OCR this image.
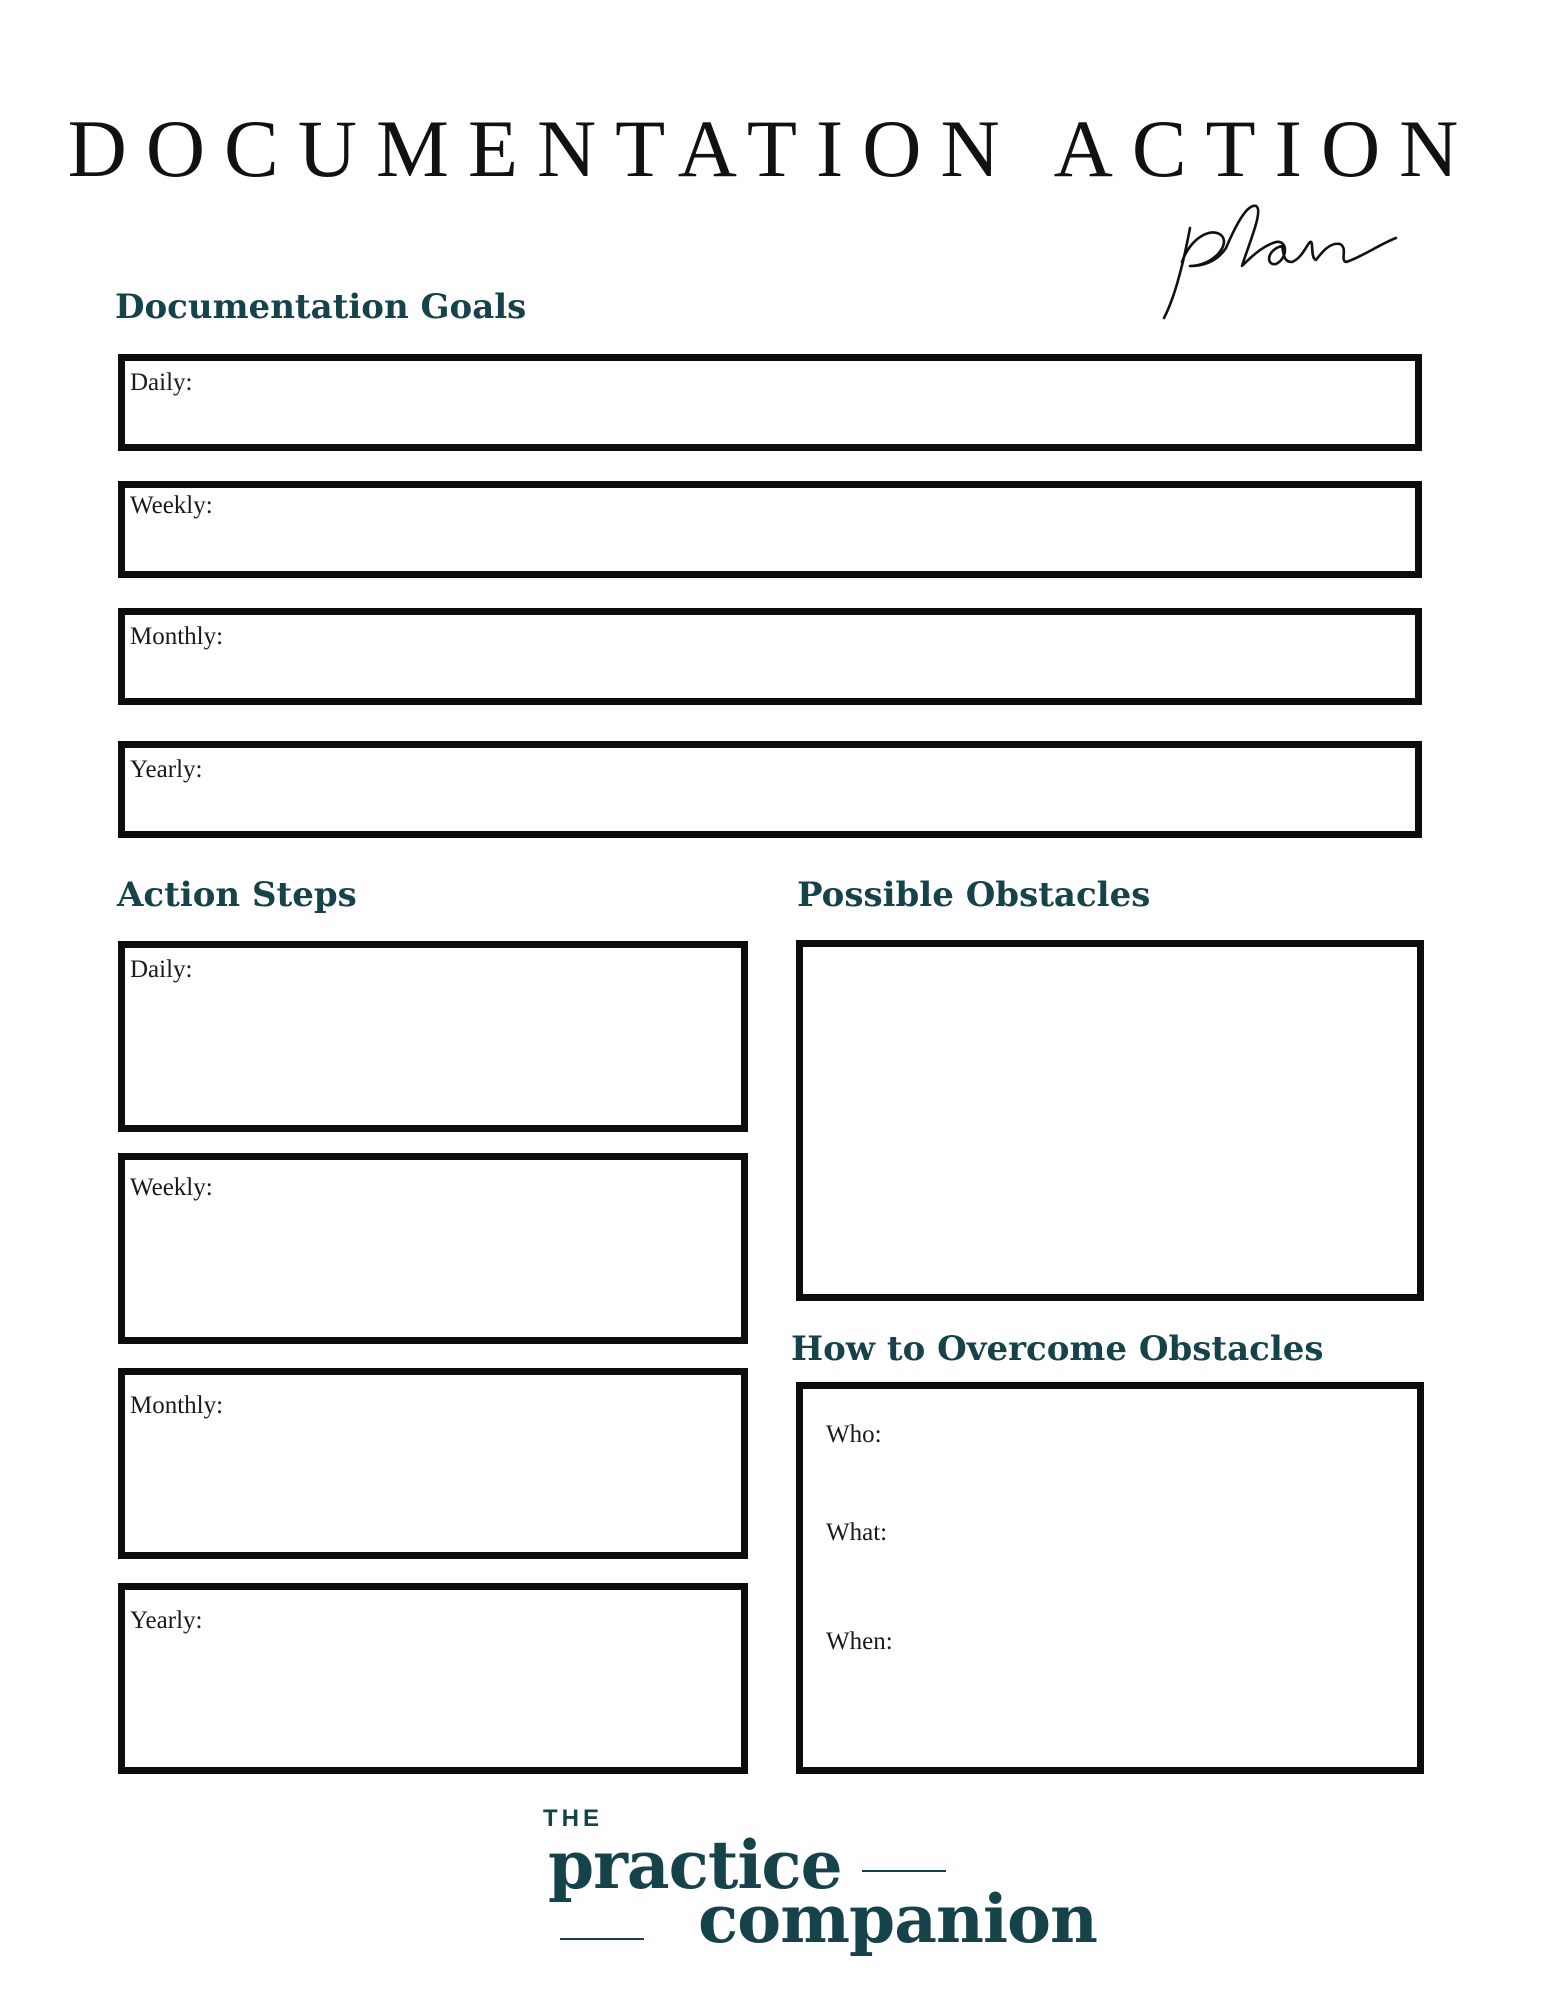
DOCUMENTATION ACTION
Documentation Goals
Daily:
Weekly:
Monthly:
Yearly:
Action Steps
Daily:
Weekly:
Monthly:
Yearly:
Possible Obstacles
How to Overcome Obstacles
Who:
What:
When:
THE
practice
companion
